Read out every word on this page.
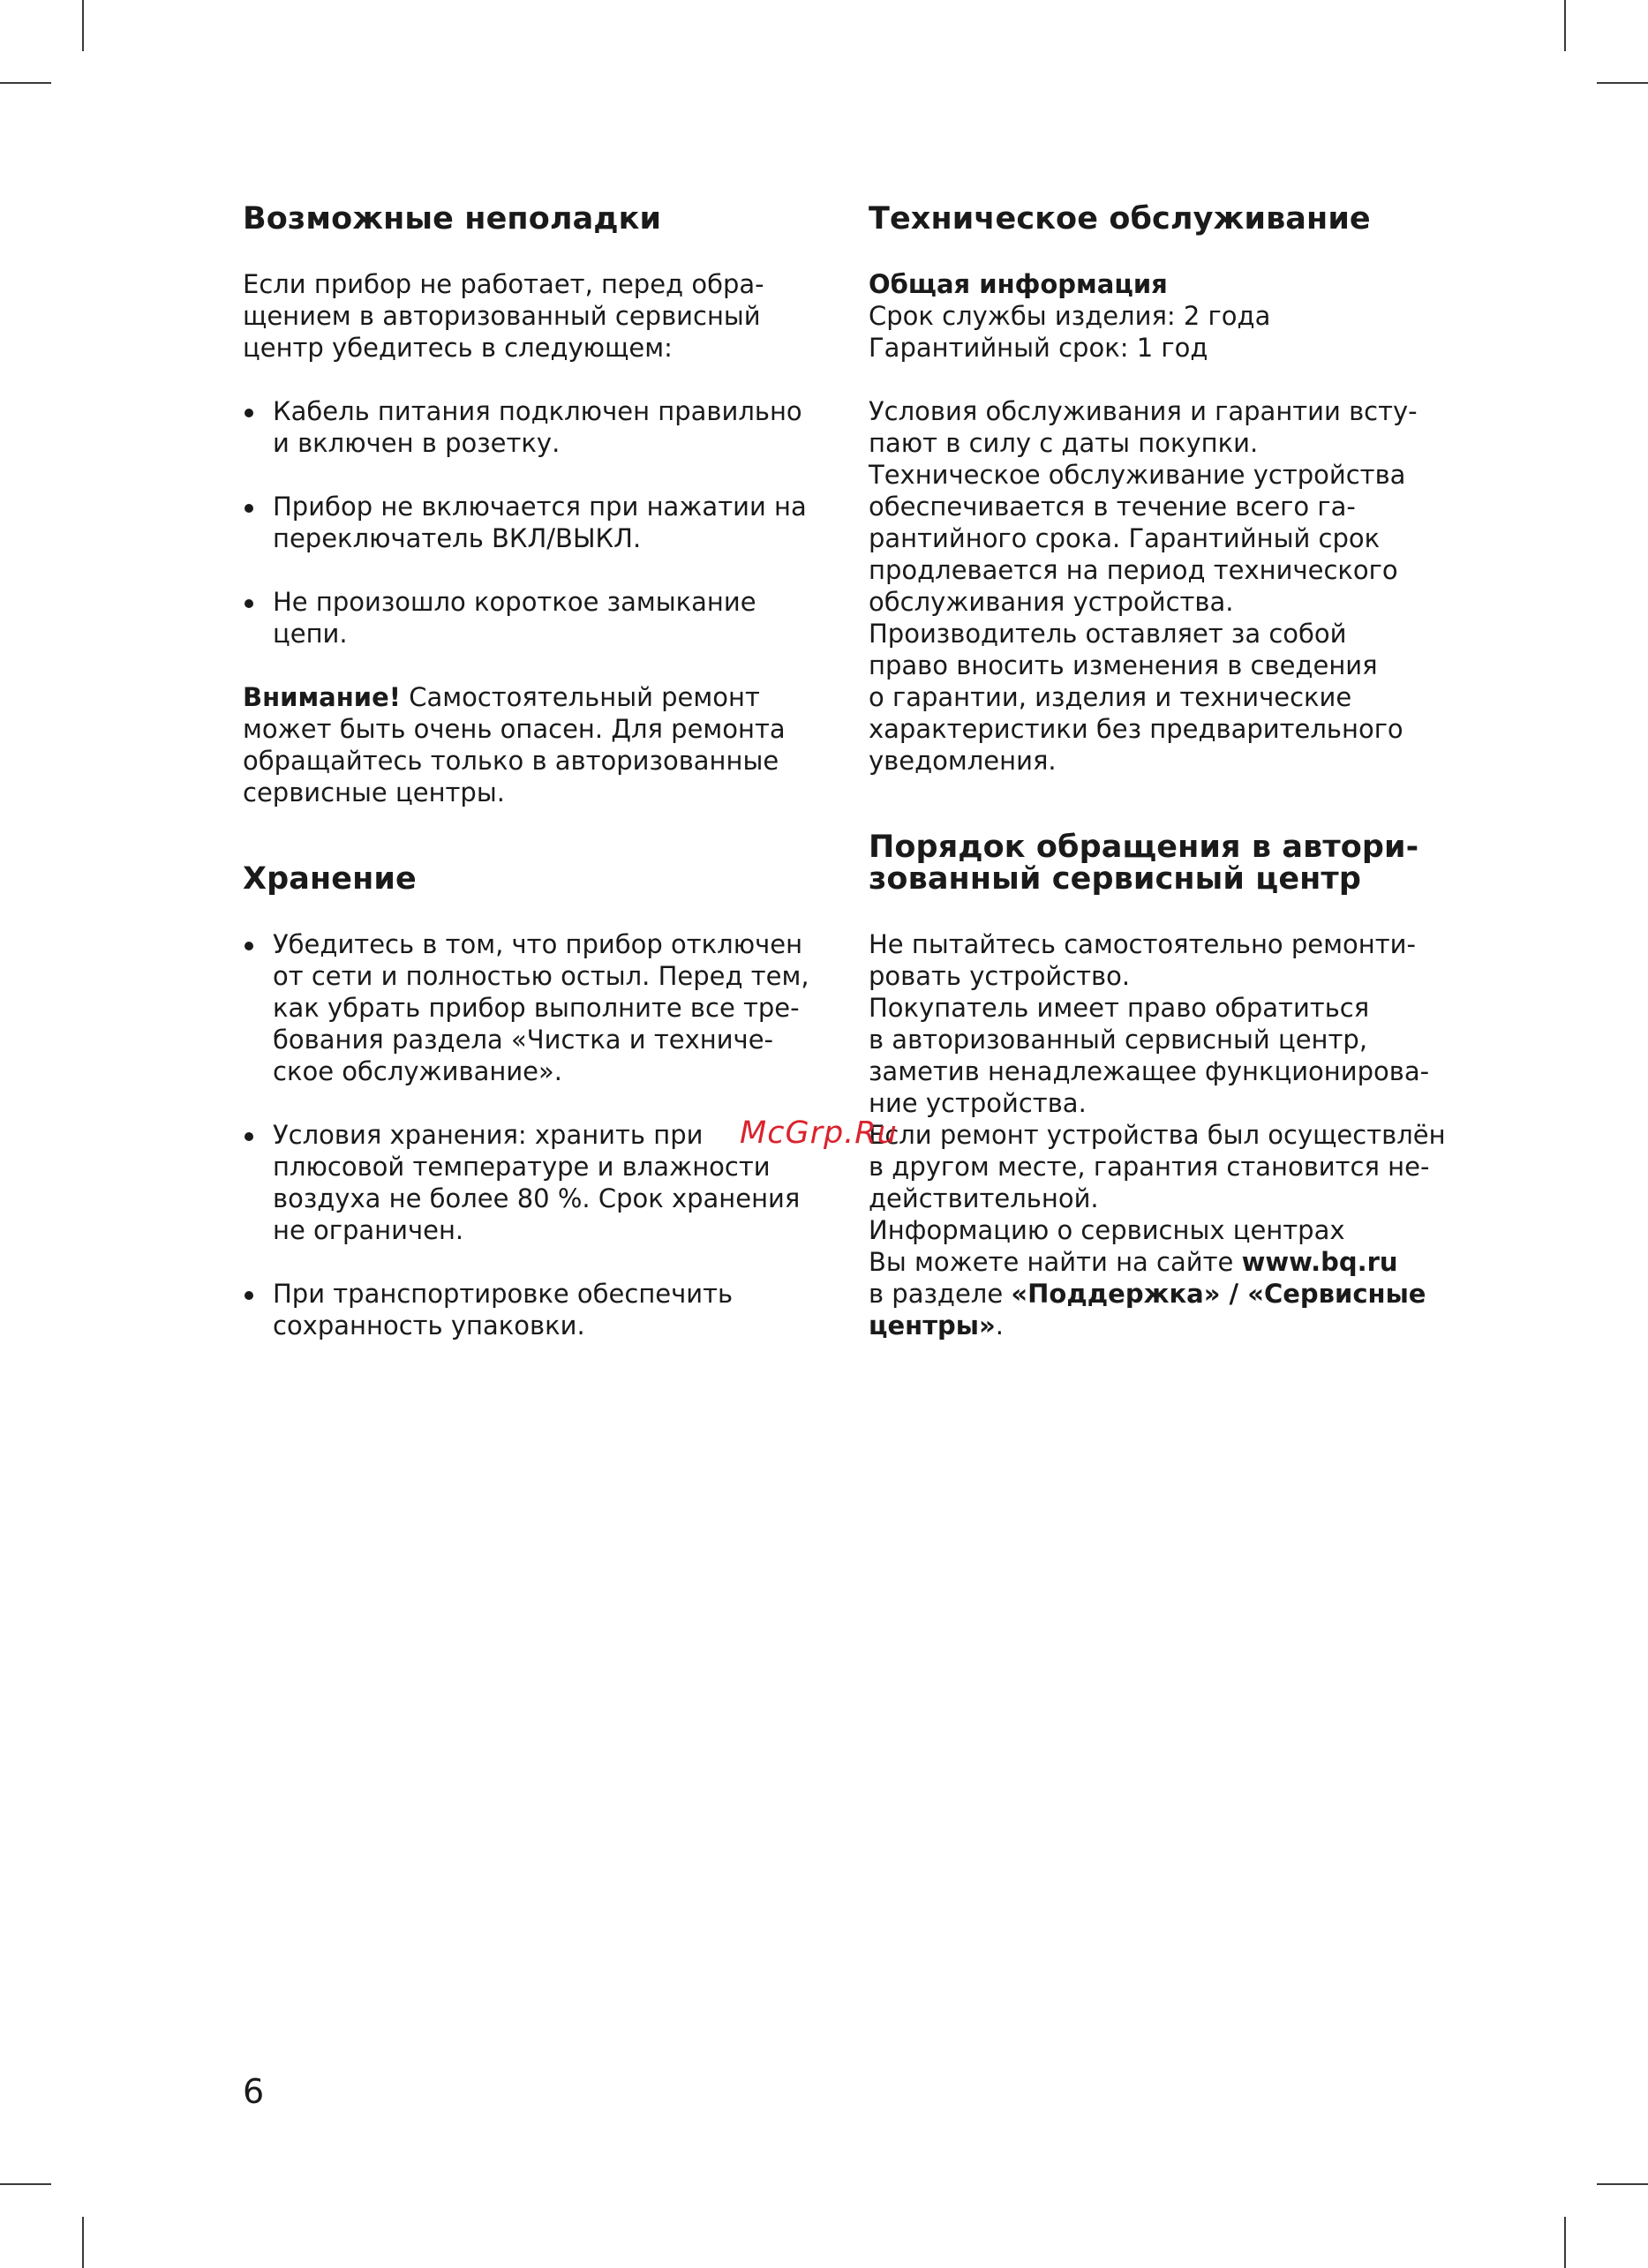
Возможные неполадки

Если прибор не работает, перед обра-
щением в авторизованный сервисный
центр убедитесь в следующем:

Кабель питания подключен правильно
и включен в розетку.
Прибор не включается при нажатии на
переключатель ВКЛ/ВЫКЛ.
Не произошло короткое замыкание
цепи.

Внимание! Самостоятельный ремонт
может быть очень опасен. Для ремонта
обращайтесь только в авторизованные
сервисные центры.

Хранение
Убедитесь в том, что прибор отключен
от сети и полностью остыл. Перед тем,
как убрать прибор выполните все тре-
бования раздела «Чистка и техниче-
ское обслуживание».
Условия хранения: хранить при
плюсовой температуре и влажности
воздуха не более 80 %. Срок хранения
не ограничен.
При транспортировке обеспечить
сохранность упаковки.
Техническое обслуживание

Общая информация

Срок службы изделия: 2 года

Гарантийный срок: 1 год

Условия обслуживания и гарантии всту-
пают в силу с даты покупки.
Техническое обслуживание устройства
обеспечивается в течение всего га-
рантийного срока. Гарантийный срок
продлевается на период технического
обслуживания устройства.
Производитель оставляет за собой
право вносить изменения в сведения
о гарантии, изделия и технические
характеристики без предварительного
уведомления.

Порядок обращения в автори-
зованный сервисный центр

Не пытайтесь самостоятельно ремонти-
ровать устройство.
Покупатель имеет право обратиться
в авторизованный сервисный центр,
заметив ненадлежащее функционирова-
ние устройства.
Если ремонт устройства был осуществлён
в другом месте, гарантия становится не-
действительной.
Информацию о сервисных центрах

Вы можете найти на сайте www.bq.ru

в разделе «Поддержка» / «Сервисные
центры».

McGrp.Ru
6
